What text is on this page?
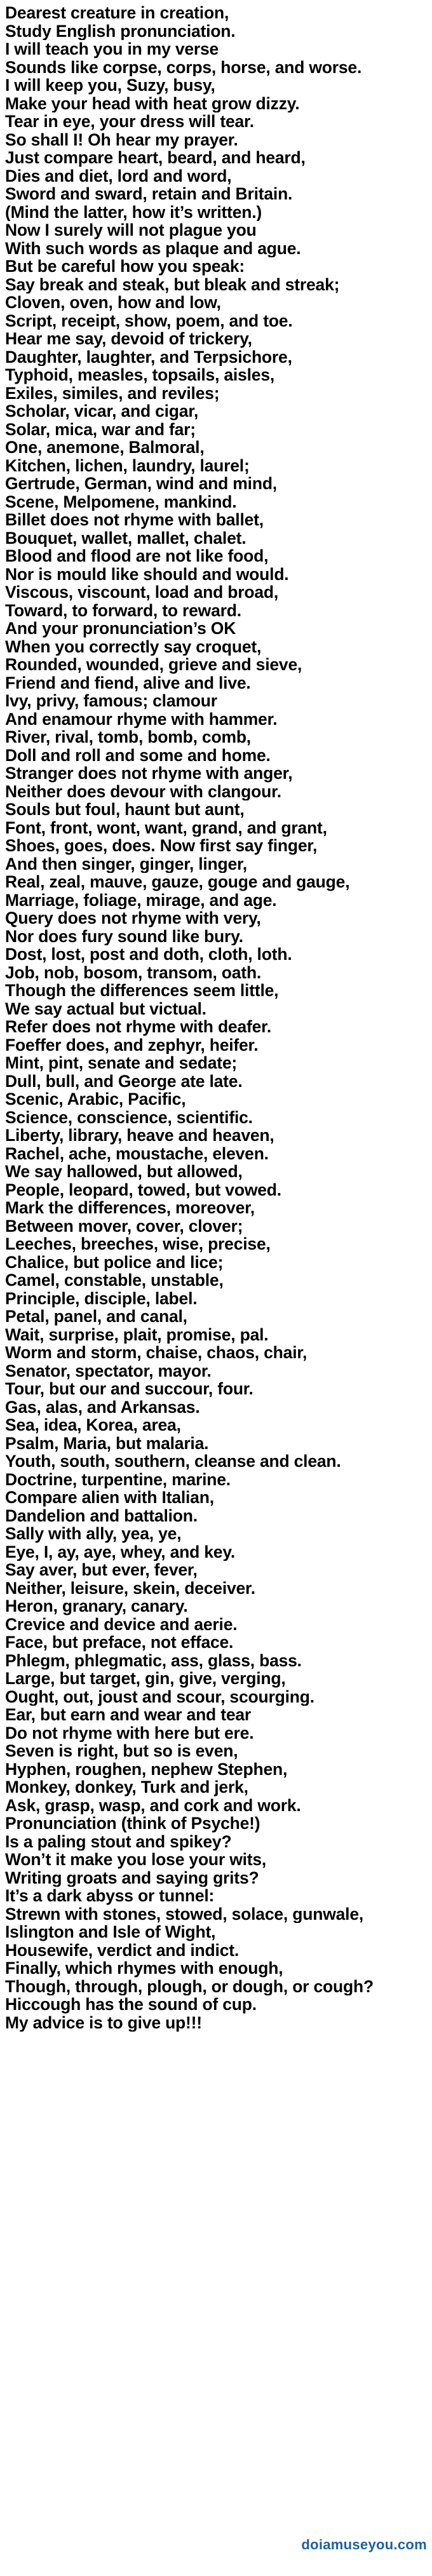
Dearest creature in creation,
Study English pronunciation.
I will teach you in my verse
Sounds like corpse, corps, horse, and worse.
I will keep you, Suzy, busy,
Make your head with heat grow dizzy.
Tear in eye, your dress will tear.
So shall I! Oh hear my prayer.
Just compare heart, beard, and heard,
Dies and diet, lord and word,
Sword and sward, retain and Britain.
(Mind the latter, how it’s written.)
Now I surely will not plague you
With such words as plaque and ague.
But be careful how you speak:
Say break and steak, but bleak and streak;
Cloven, oven, how and low,
Script, receipt, show, poem, and toe.
Hear me say, devoid of trickery,
Daughter, laughter, and Terpsichore,
Typhoid, measles, topsails, aisles,
Exiles, similes, and reviles;
Scholar, vicar, and cigar,
Solar, mica, war and far;
One, anemone, Balmoral,
Kitchen, lichen, laundry, laurel;
Gertrude, German, wind and mind,
Scene, Melpomene, mankind.
Billet does not rhyme with ballet,
Bouquet, wallet, mallet, chalet.
Blood and flood are not like food,
Nor is mould like should and would.
Viscous, viscount, load and broad,
Toward, to forward, to reward.
And your pronunciation’s OK
When you correctly say croquet,
Rounded, wounded, grieve and sieve,
Friend and fiend, alive and live.
Ivy, privy, famous; clamour
And enamour rhyme with hammer.
River, rival, tomb, bomb, comb,
Doll and roll and some and home.
Stranger does not rhyme with anger,
Neither does devour with clangour.
Souls but foul, haunt but aunt,
Font, front, wont, want, grand, and grant,
Shoes, goes, does. Now first say finger,
And then singer, ginger, linger,
Real, zeal, mauve, gauze, gouge and gauge,
Marriage, foliage, mirage, and age.
Query does not rhyme with very,
Nor does fury sound like bury.
Dost, lost, post and doth, cloth, loth.
Job, nob, bosom, transom, oath.
Though the differences seem little,
We say actual but victual.
Refer does not rhyme with deafer.
Foeffer does, and zephyr, heifer.
Mint, pint, senate and sedate;
Dull, bull, and George ate late.
Scenic, Arabic, Pacific,
Science, conscience, scientific.
Liberty, library, heave and heaven,
Rachel, ache, moustache, eleven.
We say hallowed, but allowed,
People, leopard, towed, but vowed.
Mark the differences, moreover,
Between mover, cover, clover;
Leeches, breeches, wise, precise,
Chalice, but police and lice;
Camel, constable, unstable,
Principle, disciple, label.
Petal, panel, and canal,
Wait, surprise, plait, promise, pal.
Worm and storm, chaise, chaos, chair,
Senator, spectator, mayor.
Tour, but our and succour, four.
Gas, alas, and Arkansas.
Sea, idea, Korea, area,
Psalm, Maria, but malaria.
Youth, south, southern, cleanse and clean.
Doctrine, turpentine, marine.
Compare alien with Italian,
Dandelion and battalion.
Sally with ally, yea, ye,
Eye, I, ay, aye, whey, and key.
Say aver, but ever, fever,
Neither, leisure, skein, deceiver.
Heron, granary, canary.
Crevice and device and aerie.
Face, but preface, not efface.
Phlegm, phlegmatic, ass, glass, bass.
Large, but target, gin, give, verging,
Ought, out, joust and scour, scourging.
Ear, but earn and wear and tear
Do not rhyme with here but ere.
Seven is right, but so is even,
Hyphen, roughen, nephew Stephen,
Monkey, donkey, Turk and jerk,
Ask, grasp, wasp, and cork and work.
Pronunciation (think of Psyche!)
Is a paling stout and spikey?
Won’t it make you lose your wits,
Writing groats and saying grits?
It’s a dark abyss or tunnel:
Strewn with stones, stowed, solace, gunwale,
Islington and Isle of Wight,
Housewife, verdict and indict.
Finally, which rhymes with enough,
Though, through, plough, or dough, or cough?
Hiccough has the sound of cup.
My advice is to give up!!!
doiamuseyou.com
